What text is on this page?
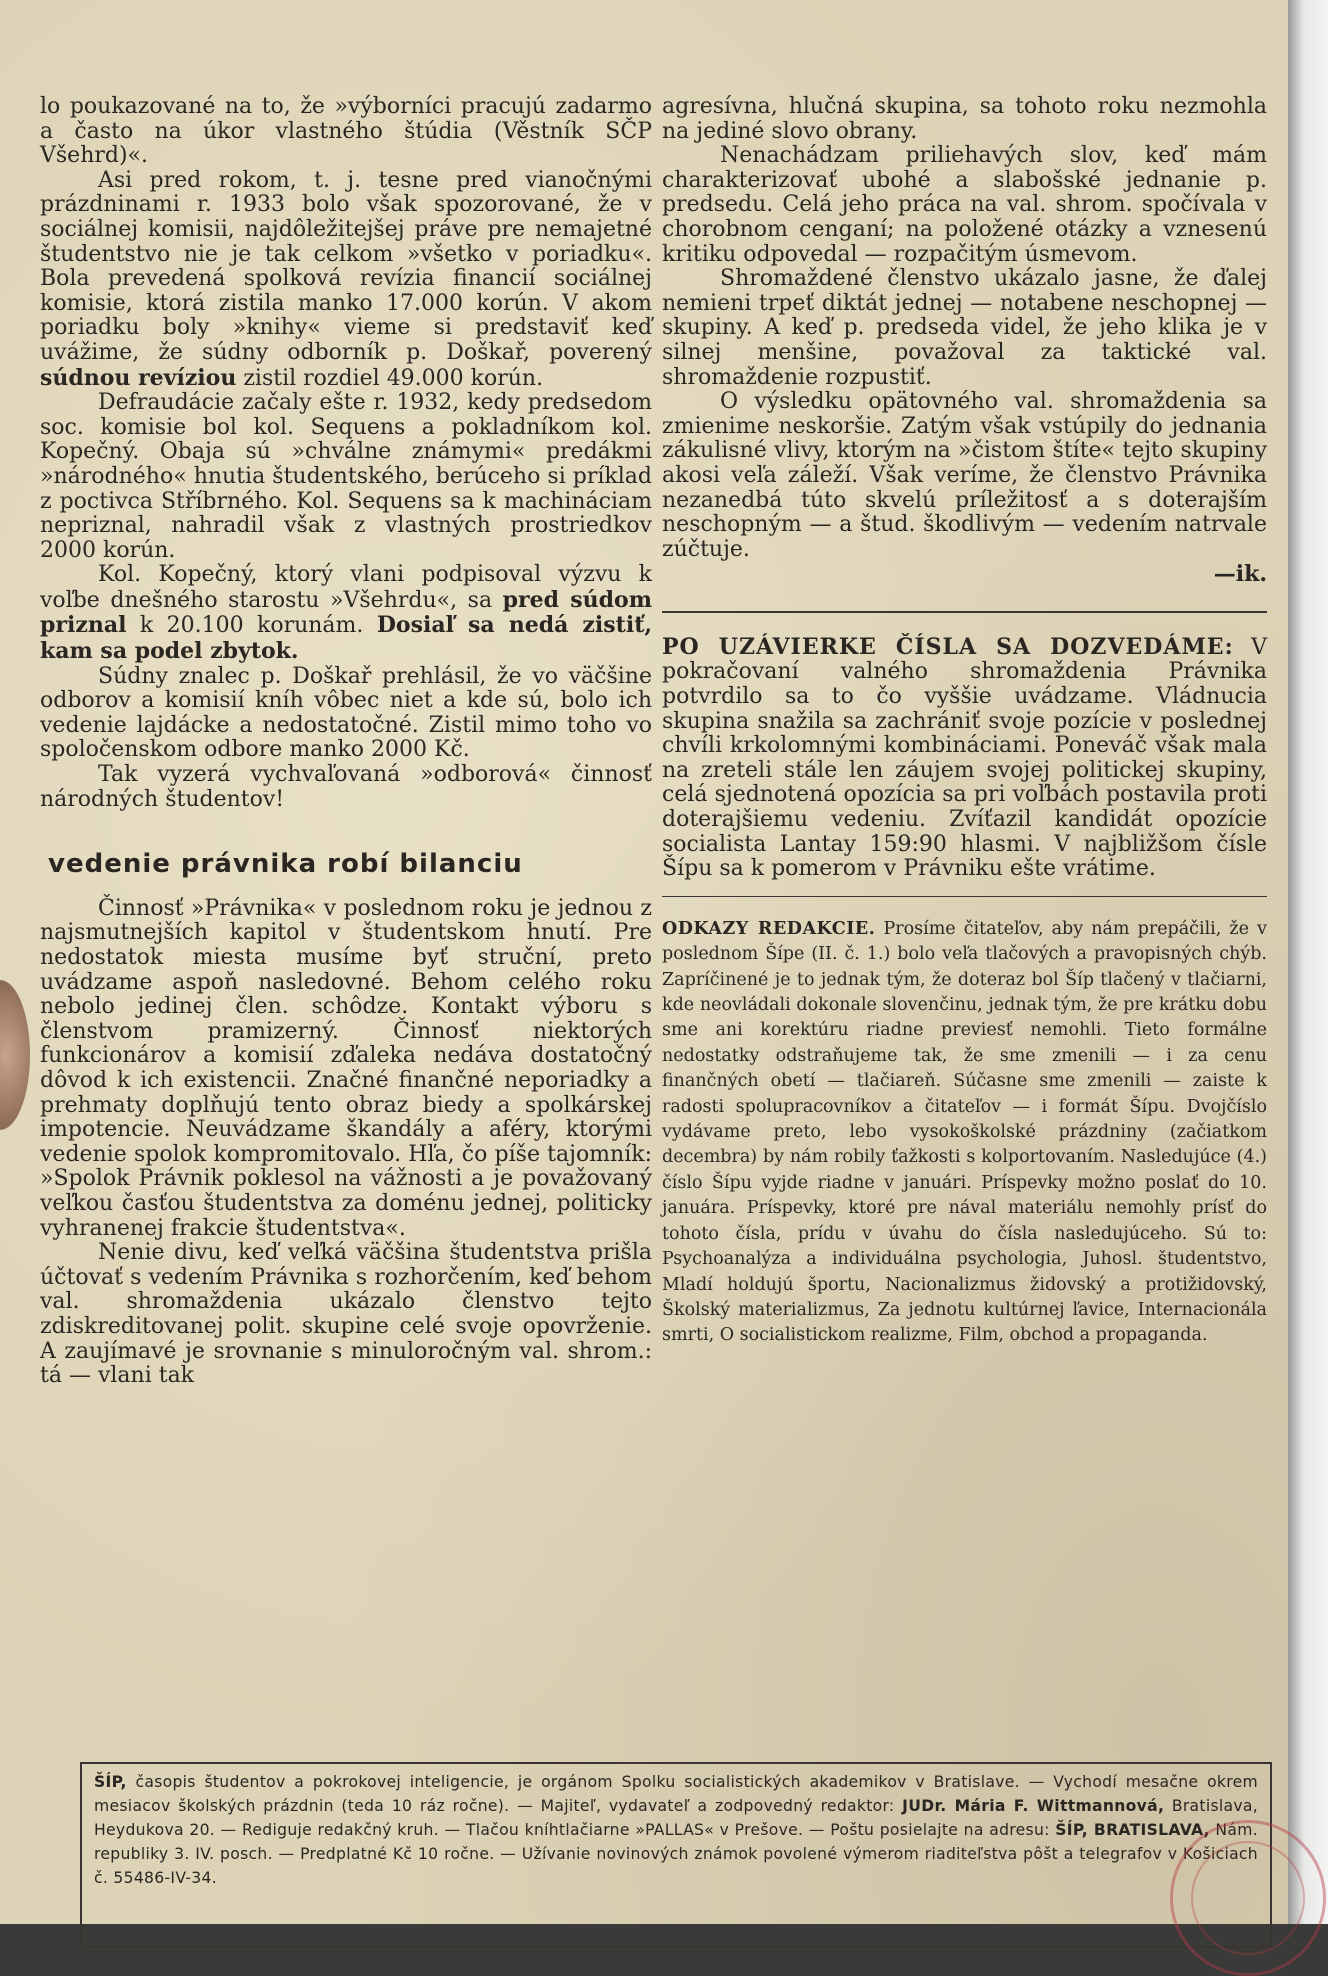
lo poukazované na to, že »výborníci pracujú zadarmo a často na úkor vlastného štúdia (Věstník SČP Všehrd)«.

Asi pred rokom, t. j. tesne pred vianočnými prázdninami r. 1933 bolo však spozorované, že v sociálnej komisii, najdôležitejšej práve pre nemajetné študentstvo nie je tak celkom »všetko v poriadku«. Bola prevedená spolková revízia financií sociálnej komisie, ktorá zistila manko 17.000 korún. V akom poriadku boly »knihy« vieme si predstaviť keď uvážime, že súdny odborník p. Doškař, poverený súdnou revíziou zistil rozdiel 49.000 korún.

Defraudácie začaly ešte r. 1932, kedy predsedom soc. komisie bol kol. Sequens a pokladníkom kol. Kopečný. Obaja sú »chválne známymi« predákmi »národného« hnutia študentského, berúceho si príklad z poctivca Stříbrného. Kol. Sequens sa k machináciam nepriznal, nahradil však z vlastných prostriedkov 2000 korún.

Kol. Kopečný, ktorý vlani podpisoval výzvu k voľbe dnešného starostu »Všehrdu«, sa pred súdom priznal k 20.100 korunám. Dosiaľ sa nedá zistiť, kam sa podel zbytok.

Súdny znalec p. Doškař prehlásil, že vo väčšine odborov a komisií kníh vôbec niet a kde sú, bolo ich vedenie lajdácke a nedostatočné. Zistil mimo toho vo spoločenskom odbore manko 2000 Kč.

Tak vyzerá vychvaľovaná »odborová« činnosť národných študentov!

vedenie právnika robí bilanciu

Činnosť »Právnika« v poslednom roku je jednou z najsmutnejších kapitol v študentskom hnutí. Pre nedostatok miesta musíme byť struční, preto uvádzame aspoň nasledovné. Behom celého roku nebolo jedinej člen. schôdze. Kontakt výboru s členstvom pramizerný. Činnosť niektorých funkcionárov a komisií zďaleka nedáva dostatočný dôvod k ich existencii. Značné finančné neporiadky a prehmaty doplňujú tento obraz biedy a spolkárskej impotencie. Neuvádzame škandály a aféry, ktorými vedenie spolok kompromitovalo. Hľa, čo píše tajomník: »Spolok Právnik poklesol na vážnosti a je považovaný veľkou časťou študentstva za doménu jednej, politicky vyhranenej frakcie študentstva«.

Nenie divu, keď veľká väčšina študentstva prišla účtovať s vedením Právnika s rozhorčením, keď behom val. shromaždenia ukázalo členstvo tejto zdiskreditovanej polit. skupine celé svoje opovrženie. A zaujímavé je srovnanie s minuloročným val. shrom.: tá — vlani tak

agresívna, hlučná skupina, sa tohoto roku nezmohla na jediné slovo obrany.

Nenachádzam priliehavých slov, keď mám charakterizovať ubohé a slabošské jednanie p. predsedu. Celá jeho práca na val. shrom. spočívala v chorobnom cenganí; na položené otázky a vznesenú kritiku odpovedal — rozpačitým úsmevom.

Shromaždené členstvo ukázalo jasne, že ďalej nemieni trpeť diktát jednej — notabene neschopnej — skupiny. A keď p. predseda videl, že jeho klika je v silnej menšine, považoval za taktické val. shromaždenie rozpustiť.

O výsledku opätovného val. shromaždenia sa zmienime neskoršie. Zatým však vstúpily do jednania zákulisné vlivy, ktorým na »čistom štíte« tejto skupiny akosi veľa záleží. Však veríme, že členstvo Právnika nezanedbá túto skvelú príležitosť a s doterajším neschopným — a štud. škodlivým — vedením natrvale zúčtuje.

—ik.

PO UZÁVIERKE ČÍSLA SA DOZVEDÁME: V pokračovaní valného shromaždenia Právnika potvrdilo sa to čo vyššie uvádzame. Vládnucia skupina snažila sa zachrániť svoje pozície v poslednej chvíli krkolomnými kombináciami. Poneváč však mala na zreteli stále len záujem svojej politickej skupiny, celá sjednotená opozícia sa pri voľbách postavila proti doterajšiemu vedeniu. Zvíťazil kandidát opozície socialista Lantay 159:90 hlasmi. V najbližšom čísle Šípu sa k pomerom v Právniku ešte vrátime.

ODKAZY REDAKCIE. Prosíme čitateľov, aby nám prepáčili, že v poslednom Šípe (II. č. 1.) bolo veľa tlačových a pravopisných chýb. Zapríčinené je to jednak tým, že doteraz bol Šíp tlačený v tlačiarni, kde neovládali dokonale slovenčinu, jednak tým, že pre krátku dobu sme ani korektúru riadne previesť nemohli. Tieto formálne nedostatky odstraňujeme tak, že sme zmenili — i za cenu finančných obetí — tlačiareň. Súčasne sme zmenili — zaiste k radosti spolupracovníkov a čitateľov — i formát Šípu. Dvojčíslo vydávame preto, lebo vysokoškolské prázdniny (začiatkom decembra) by nám robily ťažkosti s kolportovaním. Nasledujúce (4.) číslo Šípu vyjde riadne v januári. Príspevky možno poslať do 10. januára. Príspevky, ktoré pre nával materiálu nemohly prísť do tohoto čísla, prídu v úvahu do čísla nasledujúceho. Sú to: Psychoanalýza a individuálna psychologia, Juhosl. študentstvo, Mladí holdujú športu, Nacionalizmus židovský a protižidovský, Školský materializmus, Za jednotu kultúrnej ľavice, Internacionála smrti, O socialistickom realizme, Film, obchod a propaganda.

ŠÍP, časopis študentov a pokrokovej inteligencie, je orgánom Spolku socialistických akademikov v Bratislave. — Vychodí mesačne okrem mesiacov školských prázdnin (teda 10 ráz ročne). — Majiteľ, vydavateľ a zodpovedný redaktor: JUDr. Mária F. Wittmannová, Bratislava, Heydukova 20. — Rediguje redakčný kruh. — Tlačou kníhtlačiarne »PALLAS« v Prešove. — Poštu posielajte na adresu: ŠÍP, BRATISLAVA, Nám. republiky 3. IV. posch. — Predplatné Kč 10 ročne. — Užívanie novinových známok povolené výmerom riaditeľstva pôšt a telegrafov v Košiciach č. 55486-IV-34.
